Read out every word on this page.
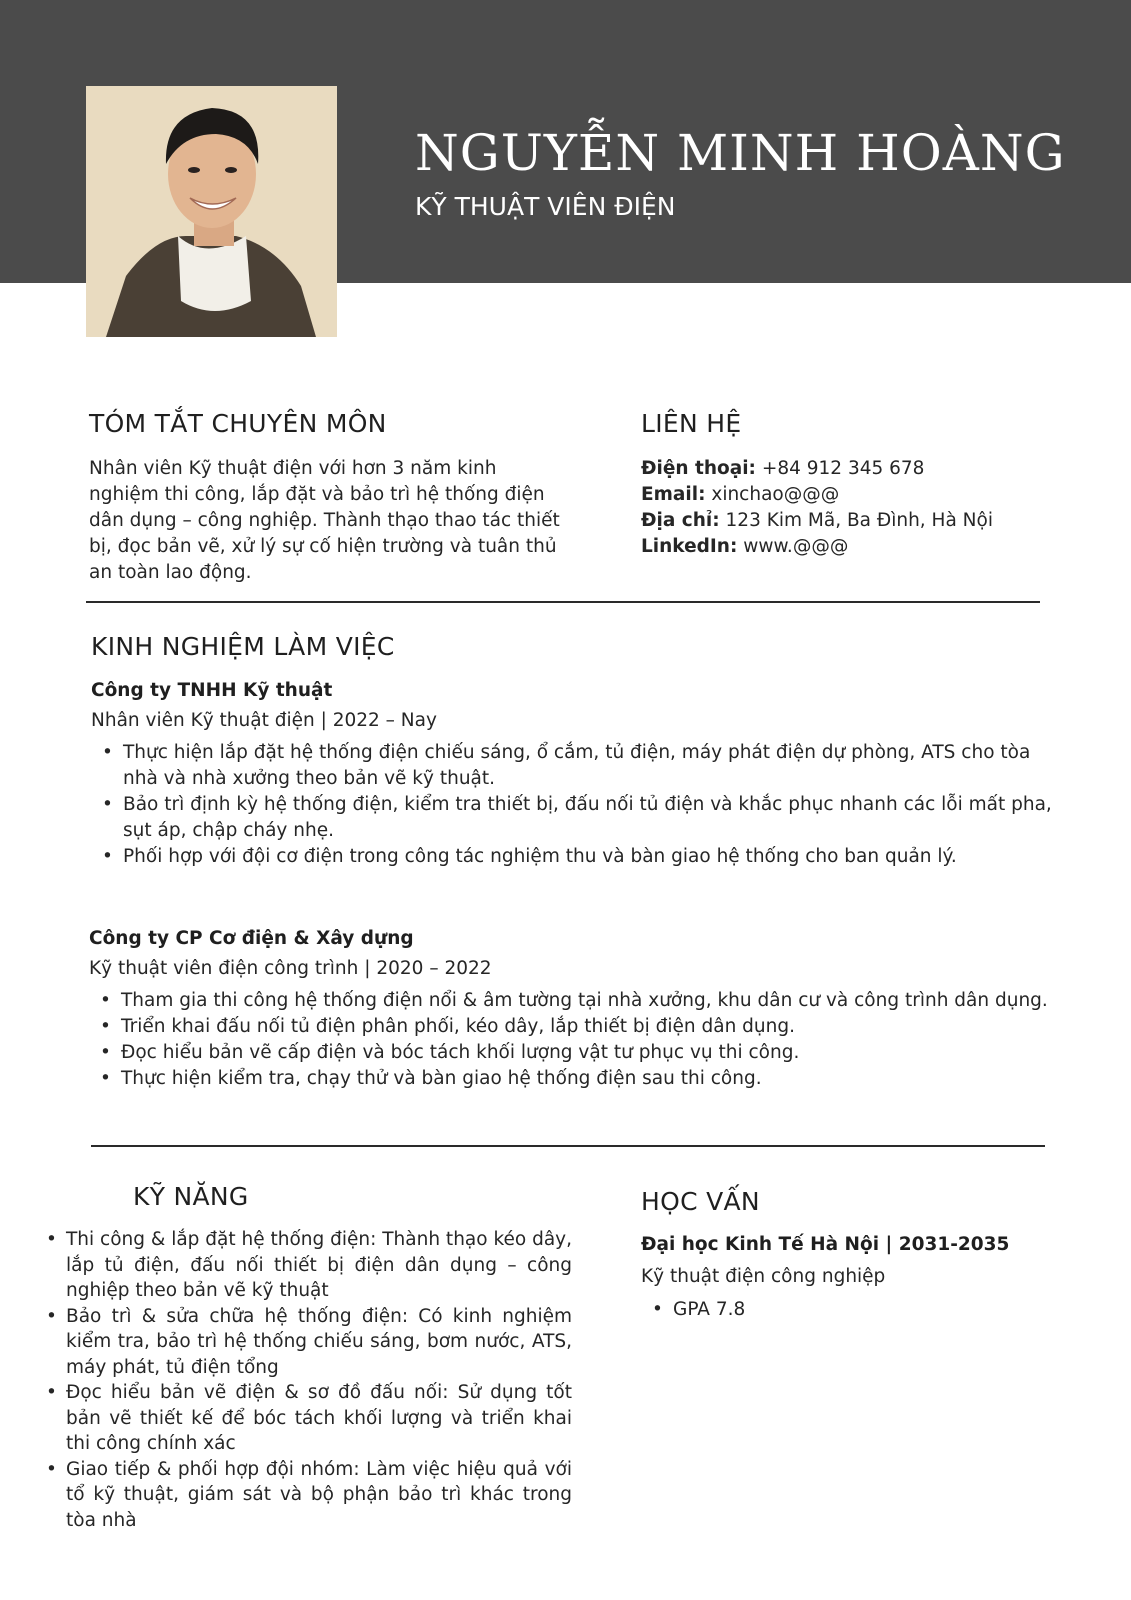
NGUYỄN MINH HOÀNG
KỸ THUẬT VIÊN ĐIỆN
TÓM TẮT CHUYÊN MÔN
Nhân viên Kỹ thuật điện với hơn 3 năm kinh nghiệm thi công, lắp đặt và bảo trì hệ thống điện dân dụng – công nghiệp. Thành thạo thao tác thiết bị, đọc bản vẽ, xử lý sự cố hiện trường và tuân thủ an toàn lao động.
LIÊN HỆ
Điện thoại: +84 912 345 678
Email: xinchao@@@
Địa chỉ: 123 Kim Mã, Ba Đình, Hà Nội
LinkedIn: www.@@@
KINH NGHIỆM LÀM VIỆC
Công ty TNHH Kỹ thuật
Nhân viên Kỹ thuật điện | 2022 – Nay
• Thực hiện lắp đặt hệ thống điện chiếu sáng, ổ cắm, tủ điện, máy phát điện dự phòng, ATS cho tòa nhà và nhà xưởng theo bản vẽ kỹ thuật.
• Bảo trì định kỳ hệ thống điện, kiểm tra thiết bị, đấu nối tủ điện và khắc phục nhanh các lỗi mất pha, sụt áp, chập cháy nhẹ.
• Phối hợp với đội cơ điện trong công tác nghiệm thu và bàn giao hệ thống cho ban quản lý.
Công ty CP Cơ điện & Xây dựng
Kỹ thuật viên điện công trình | 2020 – 2022
• Tham gia thi công hệ thống điện nổi & âm tường tại nhà xưởng, khu dân cư và công trình dân dụng.
• Triển khai đấu nối tủ điện phân phối, kéo dây, lắp thiết bị điện dân dụng.
• Đọc hiểu bản vẽ cấp điện và bóc tách khối lượng vật tư phục vụ thi công.
• Thực hiện kiểm tra, chạy thử và bàn giao hệ thống điện sau thi công.
KỸ NĂNG
• Thi công & lắp đặt hệ thống điện: Thành thạo kéo dây, lắp tủ điện, đấu nối thiết bị điện dân dụng – công nghiệp theo bản vẽ kỹ thuật
• Bảo trì & sửa chữa hệ thống điện: Có kinh nghiệm kiểm tra, bảo trì hệ thống chiếu sáng, bơm nước, ATS, máy phát, tủ điện tổng
• Đọc hiểu bản vẽ điện & sơ đồ đấu nối: Sử dụng tốt bản vẽ thiết kế để bóc tách khối lượng và triển khai thi công chính xác
• Giao tiếp & phối hợp đội nhóm: Làm việc hiệu quả với tổ kỹ thuật, giám sát và bộ phận bảo trì khác trong tòa nhà
HỌC VẤN
Đại học Kinh Tế Hà Nội | 2031-2035
Kỹ thuật điện công nghiệp
• GPA 7.8
